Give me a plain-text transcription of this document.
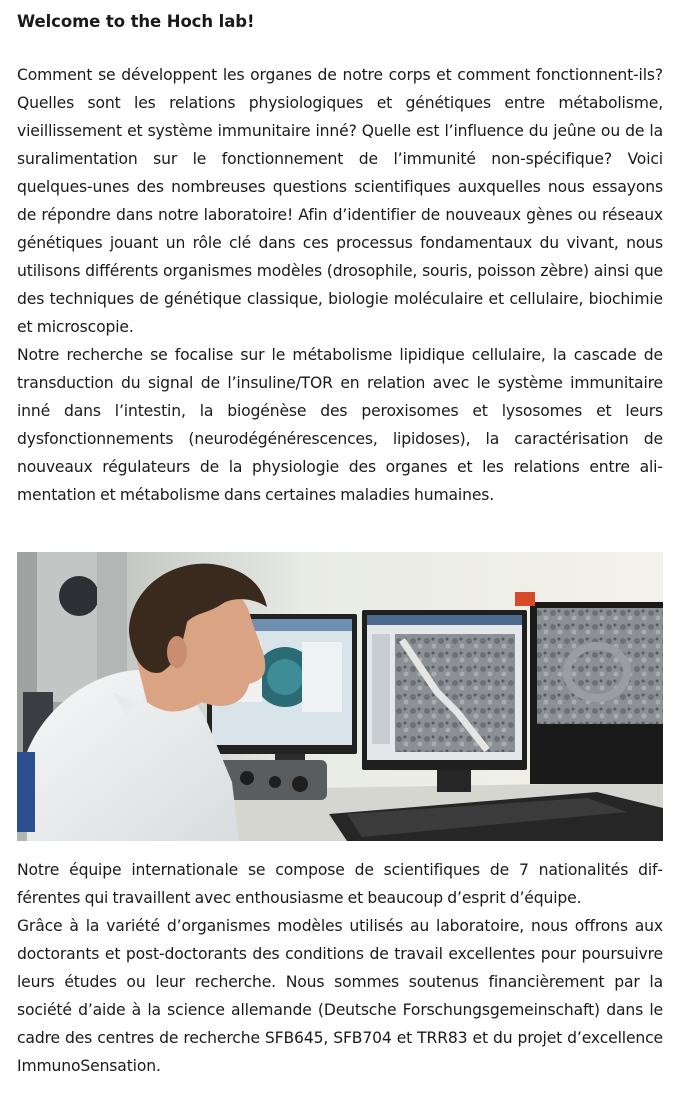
Welcome to the Hoch lab!

Comment se développent les organes de notre corps et comment fonctionnent-ils? Quelles sont les relations physiologiques et génétiques entre métabolisme, vieillissement et système immunitaire inné? Quelle est l’influence du jeûne ou de la suralimentation sur le fonctionnement de l’immunité non-spécifique? Voici quelques-unes des nombreuses questions scientifiques auxquelles nous essayons de répondre dans notre laboratoire! Afin d’identifier de nouveaux gènes ou réseaux génétiques jouant un rôle clé dans ces processus fondamentaux du vivant, nous utilisons différents organismes modèles (drosophile, souris, poisson zèbre) ainsi que des techniques de génétique classique, biologie moléculaire et cellulaire, biochimie et microscopie.

Notre recherche se focalise sur le métabolisme lipidique cellulaire, la cascade de transduction du signal de l’insuline/TOR en relation avec le système immunitaire inné dans l’intestin, la biogénèse des peroxisomes et lysosomes et leurs dysfonctionnements (neurodégénérescences, lipidoses), la caractérisation de nouveaux régulateurs de la physiologie des organes et les relations entre alimentation et métabolisme dans certaines maladies humaines.

Notre équipe internationale se compose de scientifiques de 7 nationalités différentes qui travaillent avec enthousiasme et beaucoup d’esprit d’équipe.

Grâce à la variété d’organismes modèles utilisés au laboratoire, nous offrons aux doctorants et post-doctorants des conditions de travail excellentes pour poursuivre leurs études ou leur recherche. Nous sommes soutenus financièrement par la société d’aide à la science allemande (Deutsche Forschungsgemeinschaft) dans le cadre des centres de recherche SFB645, SFB704 et TRR83 et du projet d’excellence ImmunoSensation.
